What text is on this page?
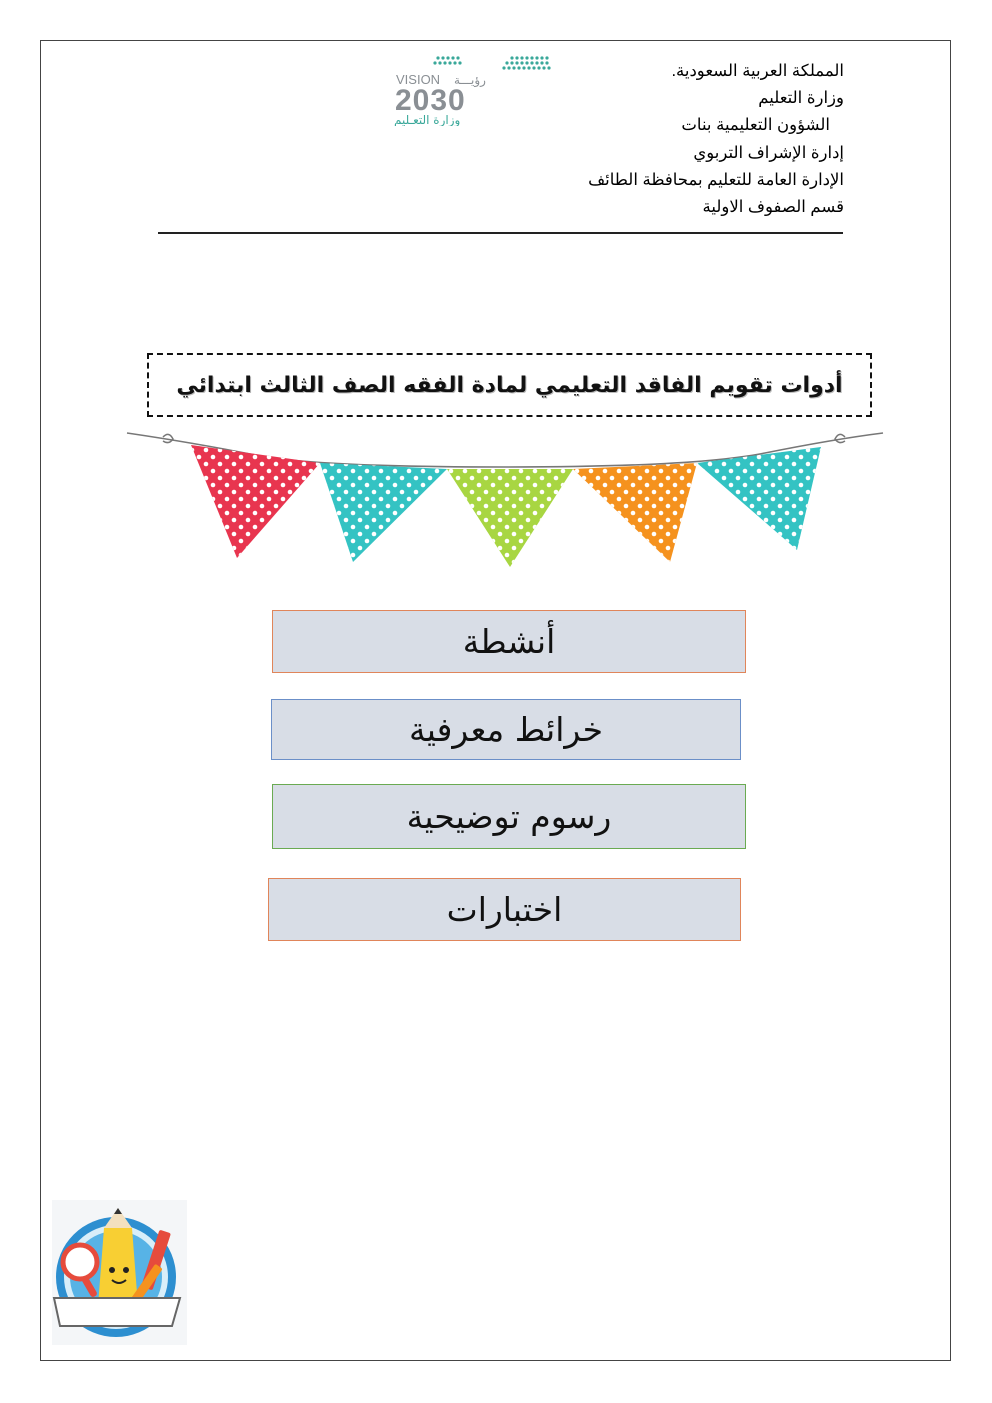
المملكة العربية السعودية.
وزارة التعليم
الشؤون التعليمية بنات
إدارة الإشراف التربوي
الإدارة العامة للتعليم بمحافظة الطائف
قسم الصفوف الاولية
VISION رؤيـــة
2030
وزارة التعـليم
أدوات تقويم الفاقد التعليمي لمادة الفقه الصف الثالث ابتدائي
أنشطة
خرائط معرفية
رسوم توضيحية
اختبارات
